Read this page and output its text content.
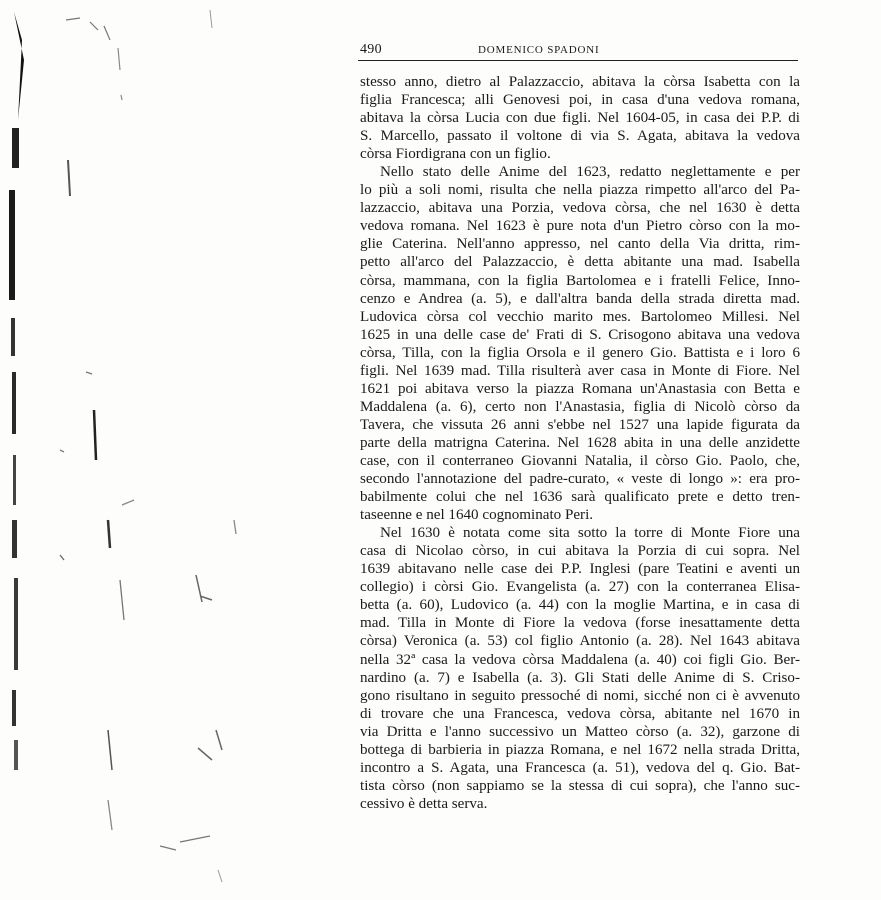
490	DOMENICO SPADONI
stesso anno, dietro al Palazzaccio, abitava la còrsa Isabetta con la
figlia Francesca; alli Genovesi poi, in casa d'una vedova romana,
abitava la còrsa Lucia con due figli. Nel 1604-05, in casa dei P.P. di
S. Marcello, passato il voltone di via S. Agata, abitava la vedova
còrsa Fiordigrana con un figlio.
Nello stato delle Anime del 1623, redatto neglettamente e per
lo più a soli nomi, risulta che nella piazza rimpetto all'arco del Pa-
lazzaccio, abitava una Porzia, vedova còrsa, che nel 1630 è detta
vedova romana. Nel 1623 è pure nota d'un Pietro còrso con la mo-
glie Caterina. Nell'anno appresso, nel canto della Via dritta, rim-
petto all'arco del Palazzaccio, è detta abitante una mad. Isabella
còrsa, mammana, con la figlia Bartolomea e i fratelli Felice, Inno-
cenzo e Andrea (a. 5), e dall'altra banda della strada diretta mad.
Ludovica còrsa col vecchio marito mes. Bartolomeo Millesi. Nel
1625 in una delle case de' Frati di S. Crisogono abitava una vedova
còrsa, Tilla, con la figlia Orsola e il genero Gio. Battista e i loro 6
figli. Nel 1639 mad. Tilla risulterà aver casa in Monte di Fiore. Nel
1621 poi abitava verso la piazza Romana un'Anastasia con Betta e
Maddalena (a. 6), certo non l'Anastasia, figlia di Nicolò còrso da
Tavera, che vissuta 26 anni s'ebbe nel 1527 una lapide figurata da
parte della matrigna Caterina. Nel 1628 abita in una delle anzidette
case, con il conterraneo Giovanni Natalia, il còrso Gio. Paolo, che,
secondo l'annotazione del padre-curato, « veste di longo »: era pro-
babilmente colui che nel 1636 sarà qualificato prete e detto tren-
taseenne e nel 1640 cognominato Peri.
Nel 1630 è notata come sita sotto la torre di Monte Fiore una
casa di Nicolao còrso, in cui abitava la Porzia di cui sopra. Nel
1639 abitavano nelle case dei P.P. Inglesi (pare Teatini e aventi un
collegio) i còrsi Gio. Evangelista (a. 27) con la conterranea Elisa-
betta (a. 60), Ludovico (a. 44) con la moglie Martina, e in casa di
mad. Tilla in Monte di Fiore la vedova (forse inesattamente detta
còrsa) Veronica (a. 53) col figlio Antonio (a. 28). Nel 1643 abitava
nella 32ª casa la vedova còrsa Maddalena (a. 40) coi figli Gio. Ber-
nardino (a. 7) e Isabella (a. 3). Gli Stati delle Anime di S. Criso-
gono risultano in seguito pressoché di nomi, sicché non ci è avvenuto
di trovare che una Francesca, vedova còrsa, abitante nel 1670 in
via Dritta e l'anno successivo un Matteo còrso (a. 32), garzone di
bottega di barbieria in piazza Romana, e nel 1672 nella strada Dritta,
incontro a S. Agata, una Francesca (a. 51), vedova del q. Gio. Bat-
tista còrso (non sappiamo se la stessa di cui sopra), che l'anno suc-
cessivo è detta serva.
